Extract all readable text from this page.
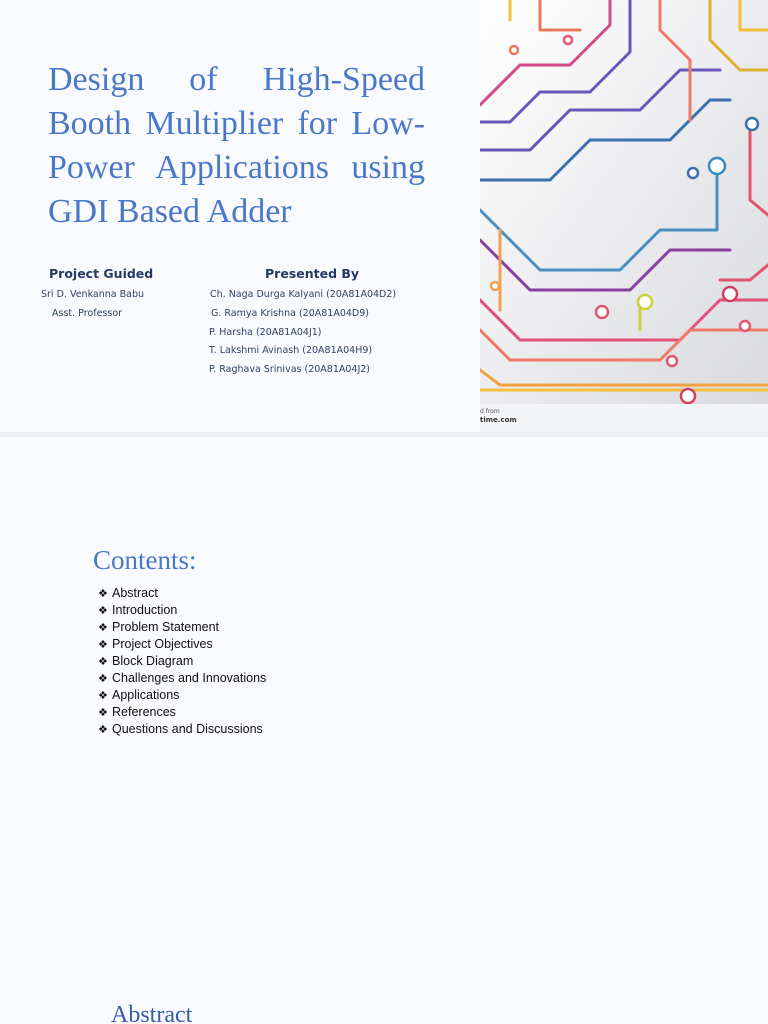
Design of High-Speed Booth Multiplier for Low-Power Applications using GDI Based Adder
Project Guided
Sri D. Venkanna Babu
Asst. Professor
Presented By
Ch. Naga Durga Kalyani (20A81A04D2)
G. Ramya Krishna (20A81A04D9)
P. Harsha (20A81A04J1)
T. Lakshmi Avinash (20A81A04H9)
P. Raghava Srinivas (20A81A04J2)
d from
time.com
Contents:
❖ Abstract
❖ Introduction
❖ Problem Statement
❖ Project Objectives
❖ Block Diagram
❖ Challenges and Innovations
❖ Applications
❖ References
❖ Questions and Discussions
Abstract
